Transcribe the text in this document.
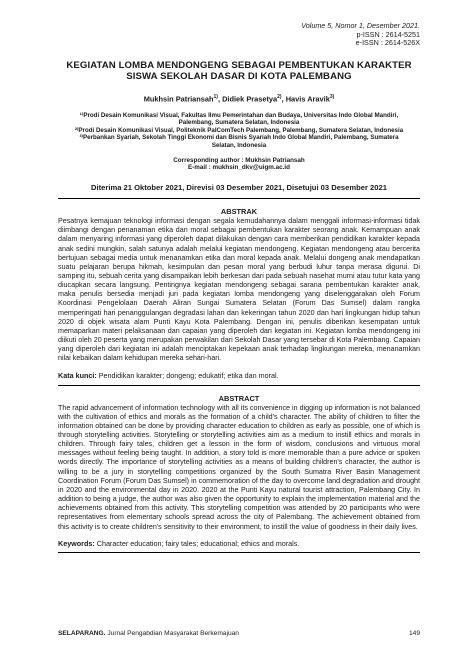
Volume 5, Nomor 1, Desember 2021.
p-ISSN : 2614-5251
e-ISSN : 2614-526X
KEGIATAN LOMBA MENDONGENG SEBAGAI PEMBENTUKAN KARAKTER
SISWA SEKOLAH DASAR DI KOTA PALEMBANG
Mukhsin Patriansah$^{1)}$, Didiek Prasetya$^{2)}$, Havis Aravik$^{3)}$
¹⁾Prodi Desain Komunikasi Visual, Fakultas Ilmu Pemerintahan dan Budaya, Universitas Indo Global Mandiri, Palembang, Sumatera Selatan, Indonesia
²⁾Prodi Desain Komunikasi Visual, Politeknik PalComTech Palembang, Palembang, Sumatera Selatan, Indonesia
³⁾Perbankan Syariah, Sekolah Tinggi Ekonomi dan Bisnis Syariah Indo Global Mandiri, Palembang, Sumatera Selatan, Indonesia
Corresponding author : Mukhsin Patriansah
E-mail : mukhsin_dkv@uigm.ac.id
Diterima 21 Oktober 2021, Direvisi 03 Desember 2021, Disetujui 03 Desember 2021
ABSTRAK
Pesatnya kemajuan teknologi informasi dengan segala kemudahannya dalam menggali informasi-informasi tidak diimbangi dengan penanaman etika dan moral sebagai pembentukan karakter seorang anak. Kemampuan anak dalam menyaring informasi yang diperoleh dapat dilakukan dengan cara memberikan pendidikan karakter kepada anak sedini mungkin, salah satunya adalah melalui kegiatan mendongeng. Kegiatan mendongeng atau bercerita bertujuan sebagai media untuk menanamkan etika dan moral kepada anak. Melalui dongeng anak mendapatkan suatu pelajaran berupa hikmah, kesimpulan dan pesan moral yang berbudi luhur tanpa merasa digurui. Di samping itu, sebuah cerita yang disampaikan lebih berkesan dari pada sebuah nasehat murni atau tutur kata yang diucapkan secara langsung. Pentingnya kegiatan mendongeng sebagai sarana pembentukan karakter anak, maka penulis bersedia menjadi juri pada kegiatan lomba mendongeng yang diselenggarakan oleh Forum Koordinasi Pengelolaan Daerah Aliran Sungai Sumatera Selatan (Forum Das Sumsel) dalam rangka memperingati hari penanggulangan degradasi lahan dan kekeringan tahun 2020 dan hari lingkungan hidup tahun 2020 di objek wisata alam Punti Kayu Kota Palembang. Dengan ini, penulis diberikan kesempatan untuk memaparkan materi pelaksanaan dan capaian yang diperoleh dari kegiatan ini. Kegiatan lomba mendongeng ini diikuti oleh 20 peserta yang merupakan perwakilan dari Sekolah Dasar yang tersebar di Kota Palembang. Capaian yang diperoleh dari kegiatan ini adalah menciptakan kepekaan anak terhadap lingkungan mereka, menanamkan nilai kebaikan dalam kehidupan mereka sehari-hari.
Kata kunci: Pendidikan karakter; dongeng; edukatif; etika dan moral.
ABSTRACT
The rapid advancement of information technology with all its convenience in digging up information is not balanced with the cultivation of ethics and morals as the formation of a child's character. The ability of children to filter the information obtained can be done by providing character education to children as early as possible, one of which is through storytelling activities. Storytelling or storytelling activities aim as a medium to instill ethics and morals in children. Through fairy tales, children get a lesson in the form of wisdom, conclusions and virtuous moral messages without feeling being taught. In addition, a story told is more memorable than a pure advice or spoken words directly. The importance of storytelling activities as a means of building children's character, the author is willing to be a jury in storytelling competitions organized by the South Sumatra River Basin Management Coordination Forum (Forum Das Sumsel) in commemoration of the day to overcome land degradation and drought in 2020 and the environmental day in 2020. 2020 at the Punti Kayu natural tourist attraction, Palembang City. In addition to being a judge, the author was also given the opportunity to explain the implementation material and the achievements obtained from this activity. This storytelling competition was attended by 20 participants who were representatives from elementary schools spread across the city of Palembang. The achievement obtained from this activity is to create children's sensitivity to their environment, to instill the value of goodness in their daily lives.
Keywords: Character education; fairy tales; educational; ethics and morals.
SELAPARANG. Jurnal Pengabdian Masyarakat Berkemajuan	149
